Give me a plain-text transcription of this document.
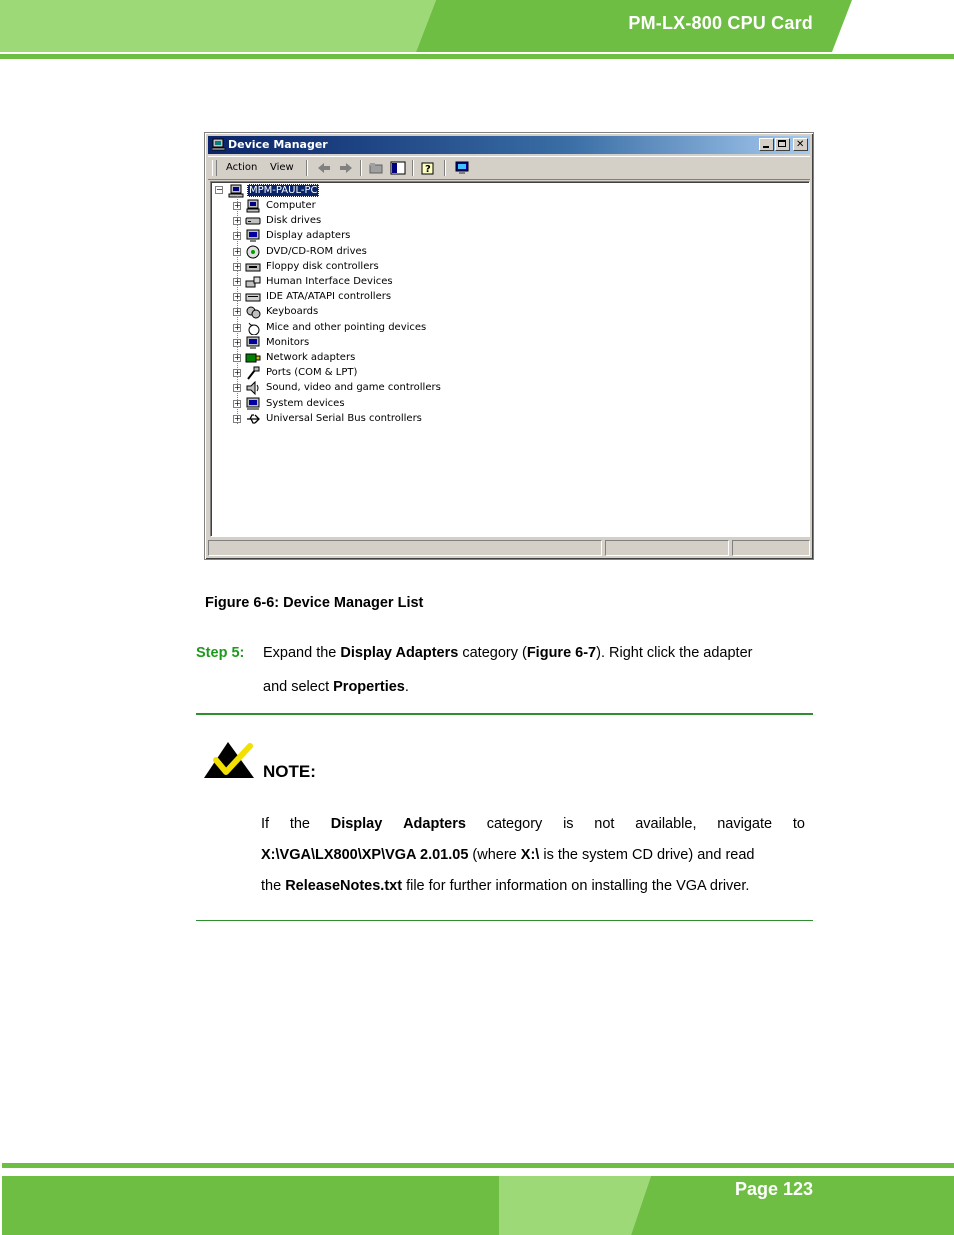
PM-LX-800 CPU Card
Device Manager	✕
Action View	?
−	MPM-PAUL-PC
+	Computer
+	Disk drives
+	Display adapters
+	DVD/CD-ROM drives
+	Floppy disk controllers
+	Human Interface Devices
+	IDE ATA/ATAPI controllers
+	Keyboards
+	Mice and other pointing devices
+	Monitors
+	Network adapters
+	Ports (COM & LPT)
+	Sound, video and game controllers
+	System devices
+	Universal Serial Bus controllers
Figure 6-6: Device Manager List
Step 5: Expand the Display Adapters category (Figure 6-7). Right click the adapter
and select Properties.
NOTE:
If the Display Adapters category is not available, navigate to
X:\VGA\LX800\XP\VGA 2.01.05 (where X:\ is the system CD drive) and read
the ReleaseNotes.txt file for further information on installing the VGA driver.
Page 123
